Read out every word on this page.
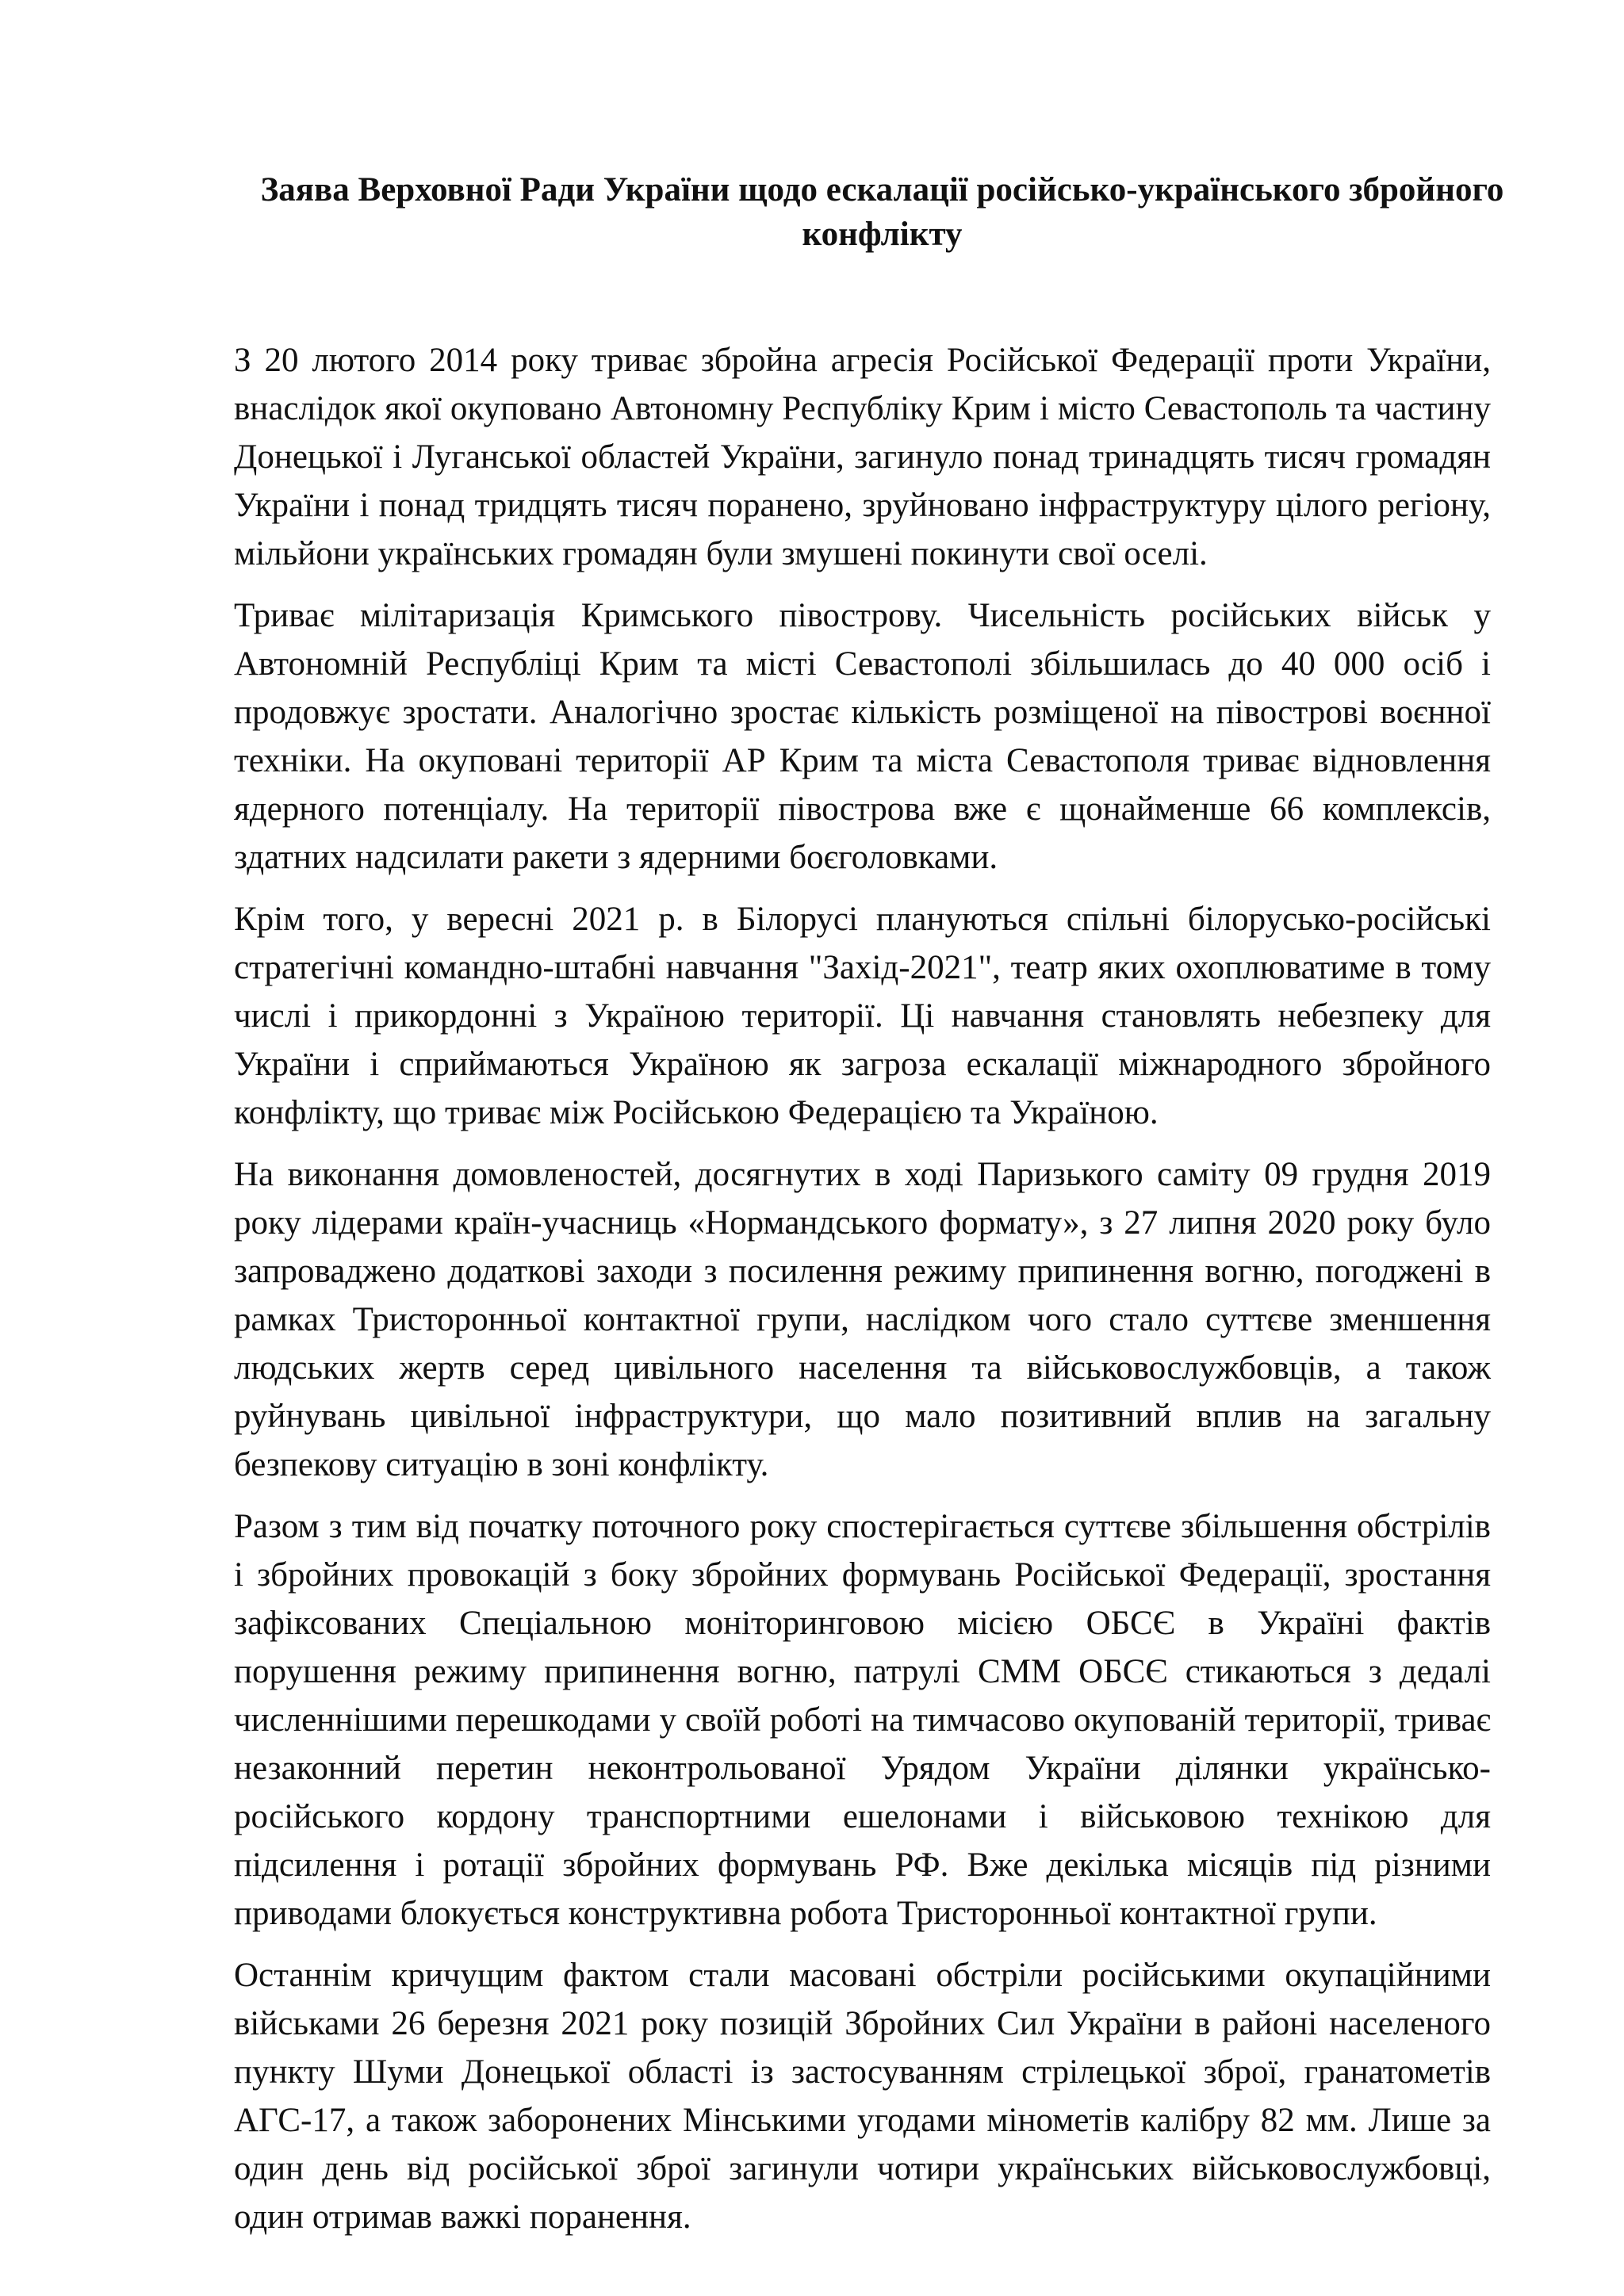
Заява Верховної Ради України щодо ескалації російсько-українського збройного конфлікту

З 20 лютого 2014 року триває збройна агресія Російської Федерації проти України, внаслідок якої окуповано Автономну Республіку Крим і місто Севастополь та частину Донецької і Луганської областей України, загинуло понад тринадцять тисяч громадян України і понад тридцять тисяч поранено, зруйновано інфраструктуру цілого регіону, мільйони українських громадян були змушені покинути свої оселі.

Триває мілітаризація Кримського півострову. Чисельність російських військ у Автономній Республіці Крим та місті Севастополі збільшилась до 40 000 осіб і продовжує зростати. Аналогічно зростає кількість розміщеної на півострові воєнної техніки. На окуповані території АР Крим та міста Севастополя триває відновлення ядерного потенціалу. На території півострова вже є щонайменше 66 комплексів, здатних надсилати ракети з ядерними боєголовками.

Крім того, у вересні 2021 р. в Білорусі плануються спільні білорусько-російські стратегічні командно-штабні навчання "Захід-2021", театр яких охоплюватиме в тому числі і прикордонні з Україною території. Ці навчання становлять небезпеку для України і сприймаються Україною як загроза ескалації міжнародного збройного конфлікту, що триває між Російською Федерацією та Україною.

На виконання домовленостей, досягнутих в ході Паризького саміту 09 грудня 2019 року лідерами країн-учасниць «Нормандського формату», з 27 липня 2020 року було запроваджено додаткові заходи з посилення режиму припинення вогню, погоджені в рамках Тристоронньої контактної групи, наслідком чого стало суттєве зменшення людських жертв серед цивільного населення та військовослужбовців, а також руйнувань цивільної інфраструктури, що мало позитивний вплив на загальну безпекову ситуацію в зоні конфлікту.

Разом з тим від початку поточного року спостерігається суттєве збільшення обстрілів і збройних провокацій з боку збройних формувань Російської Федерації, зростання зафіксованих Спеціальною моніторинговою місією ОБСЄ в Україні фактів порушення режиму припинення вогню, патрулі СММ ОБСЄ стикаються з дедалі численнішими перешкодами у своїй роботі на тимчасово окупованій території, триває незаконний перетин неконтрольованої Урядом України ділянки українсько-російського кордону транспортними ешелонами і військовою технікою для підсилення і ротації збройних формувань РФ. Вже декілька місяців під різними приводами блокується конструктивна робота Тристоронньої контактної групи.

Останнім кричущим фактом стали масовані обстріли російськими окупаційними військами 26 березня 2021 року позицій Збройних Сил України в районі населеного пункту Шуми Донецької області із застосуванням стрілецької зброї, гранатометів АГС-17, а також заборонених Мінськими угодами мінометів калібру 82 мм. Лише за один день від російської зброї загинули чотири українських військовослужбовці, один отримав важкі поранення.
